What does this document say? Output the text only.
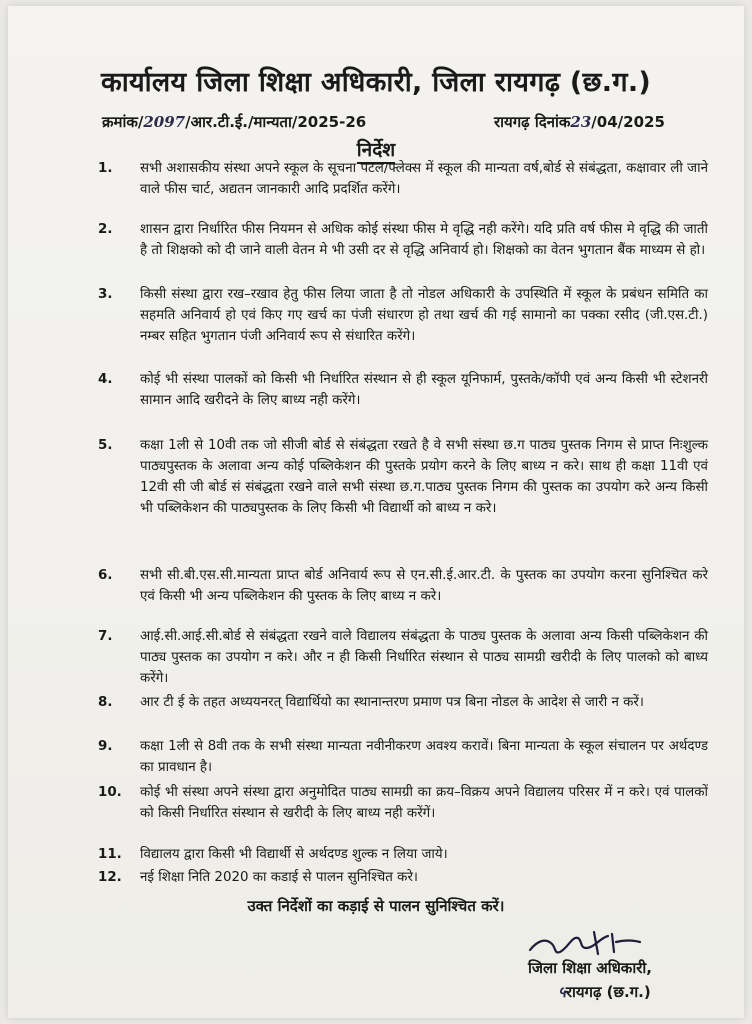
कार्यालय जिला शिक्षा अधिकारी, जिला रायगढ़ (छ.ग.)
क्रमांक/2097/आर.टी.ई./मान्यता/2025-26	रायगढ़ दिनांक23/04/2025
निर्देश
1.	सभी अशासकीय संस्था अपने स्कूल के सूचना पटल/फ्लेक्स में स्कूल की मान्यता वर्ष,बोर्ड से संबंद्धता, कक्षावार ली जाने वाले फीस चार्ट, अद्यतन जानकारी आदि प्रदर्शित करेंगे।
2.	शासन द्वारा निर्धारित फीस नियमन से अधिक कोई संस्था फीस मे वृद्धि नही करेंगे। यदि प्रति वर्ष फीस मे वृद्धि की जाती है तो शिक्षको को दी जाने वाली वेतन मे भी उसी दर से वृद्धि अनिवार्य हो। शिक्षको का वेतन भुगतान बैंक माध्यम से हो।
3.	किसी संस्था द्वारा रख–रखाव हेतु फीस लिया जाता है तो नोडल अधिकारी के उपस्थिति में स्कूल के प्रबंधन समिति का सहमति अनिवार्य हो एवं किए गए खर्च का पंजी संधारण हो तथा खर्च की गई सामानो का पक्का रसीद (जी.एस.टी.) नम्बर सहित भुगतान पंजी अनिवार्य रूप से संधारित करेंगे।
4.	कोई भी संस्था पालकों को किसी भी निर्धारित संस्थान से ही स्कूल यूनिफार्म, पुस्तके/कॉपी एवं अन्य किसी भी स्टेशनरी सामान आदि खरीदने के लिए बाध्य नही करेंगे।
5.	कक्षा 1ली से 10वी तक जो सीजी बोर्ड से संबंद्धता रखते है वे सभी संस्था छ.ग पाठ्य पुस्तक निगम से प्राप्त निःशुल्क पाठ्यपुस्तक के अलावा अन्य कोई पब्लिकेशन की पुस्तके प्रयोग करने के लिए बाध्य न करे। साथ ही कक्षा 11वी एवं 12वी सी जी बोर्ड सं संबंद्धता रखने वाले सभी संस्था छ.ग.पाठ्य पुस्तक निगम की पुस्तक का उपयोग करे अन्य किसी भी पब्लिकेशन की पाठ्यपुस्तक के लिए किसी भी विद्यार्थी को बाध्य न करे।
6.	सभी सी.बी.एस.सी.मान्यता प्राप्त बोर्ड अनिवार्य रूप से एन.सी.ई.आर.टी. के पुस्तक का उपयोग करना सुनिश्चित करे एवं किसी भी अन्य पब्लिकेशन की पुस्तक के लिए बाध्य न करे।
7.	आई.सी.आई.सी.बोर्ड से संबंद्धता रखने वाले विद्यालय संबंद्धता के पाठ्य पुस्तक के अलावा अन्य किसी पब्लिकेशन की पाठ्य पुस्तक का उपयोग न करे। और न ही किसी निर्धारित संस्थान से पाठ्य सामग्री खरीदी के लिए पालको को बाध्य करेंगे।
8.	आर टी ई के तहत अध्ययनरत् विद्यार्थियो का स्थानान्तरण प्रमाण पत्र बिना नोडल के आदेश से जारी न करें।
9.	कक्षा 1ली से 8वी तक के सभी संस्था मान्यता नवीनीकरण अवश्य करावें। बिना मान्यता के स्कूल संचालन पर अर्थदण्ड का प्रावधान है।
10.	कोई भी संस्था अपने संस्था द्वारा अनुमोदित पाठ्य सामग्री का क्रय–विक्रय अपने विद्यालय परिसर में न करे। एवं पालकों को किसी निर्धारित संस्थान से खरीदी के लिए बाध्य नही करेंगें।
11.	विद्यालय द्वारा किसी भी विद्यार्थी से अर्थदण्ड शुल्क न लिया जाये।
12.	नई शिक्षा निति 2020 का कडाई से पालन सुनिश्चित करे।
उक्त निर्देशों का कड़ाई से पालन सुनिश्चित करें।
जिला शिक्षा अधिकारी,
५रायगढ़ (छ.ग.)
